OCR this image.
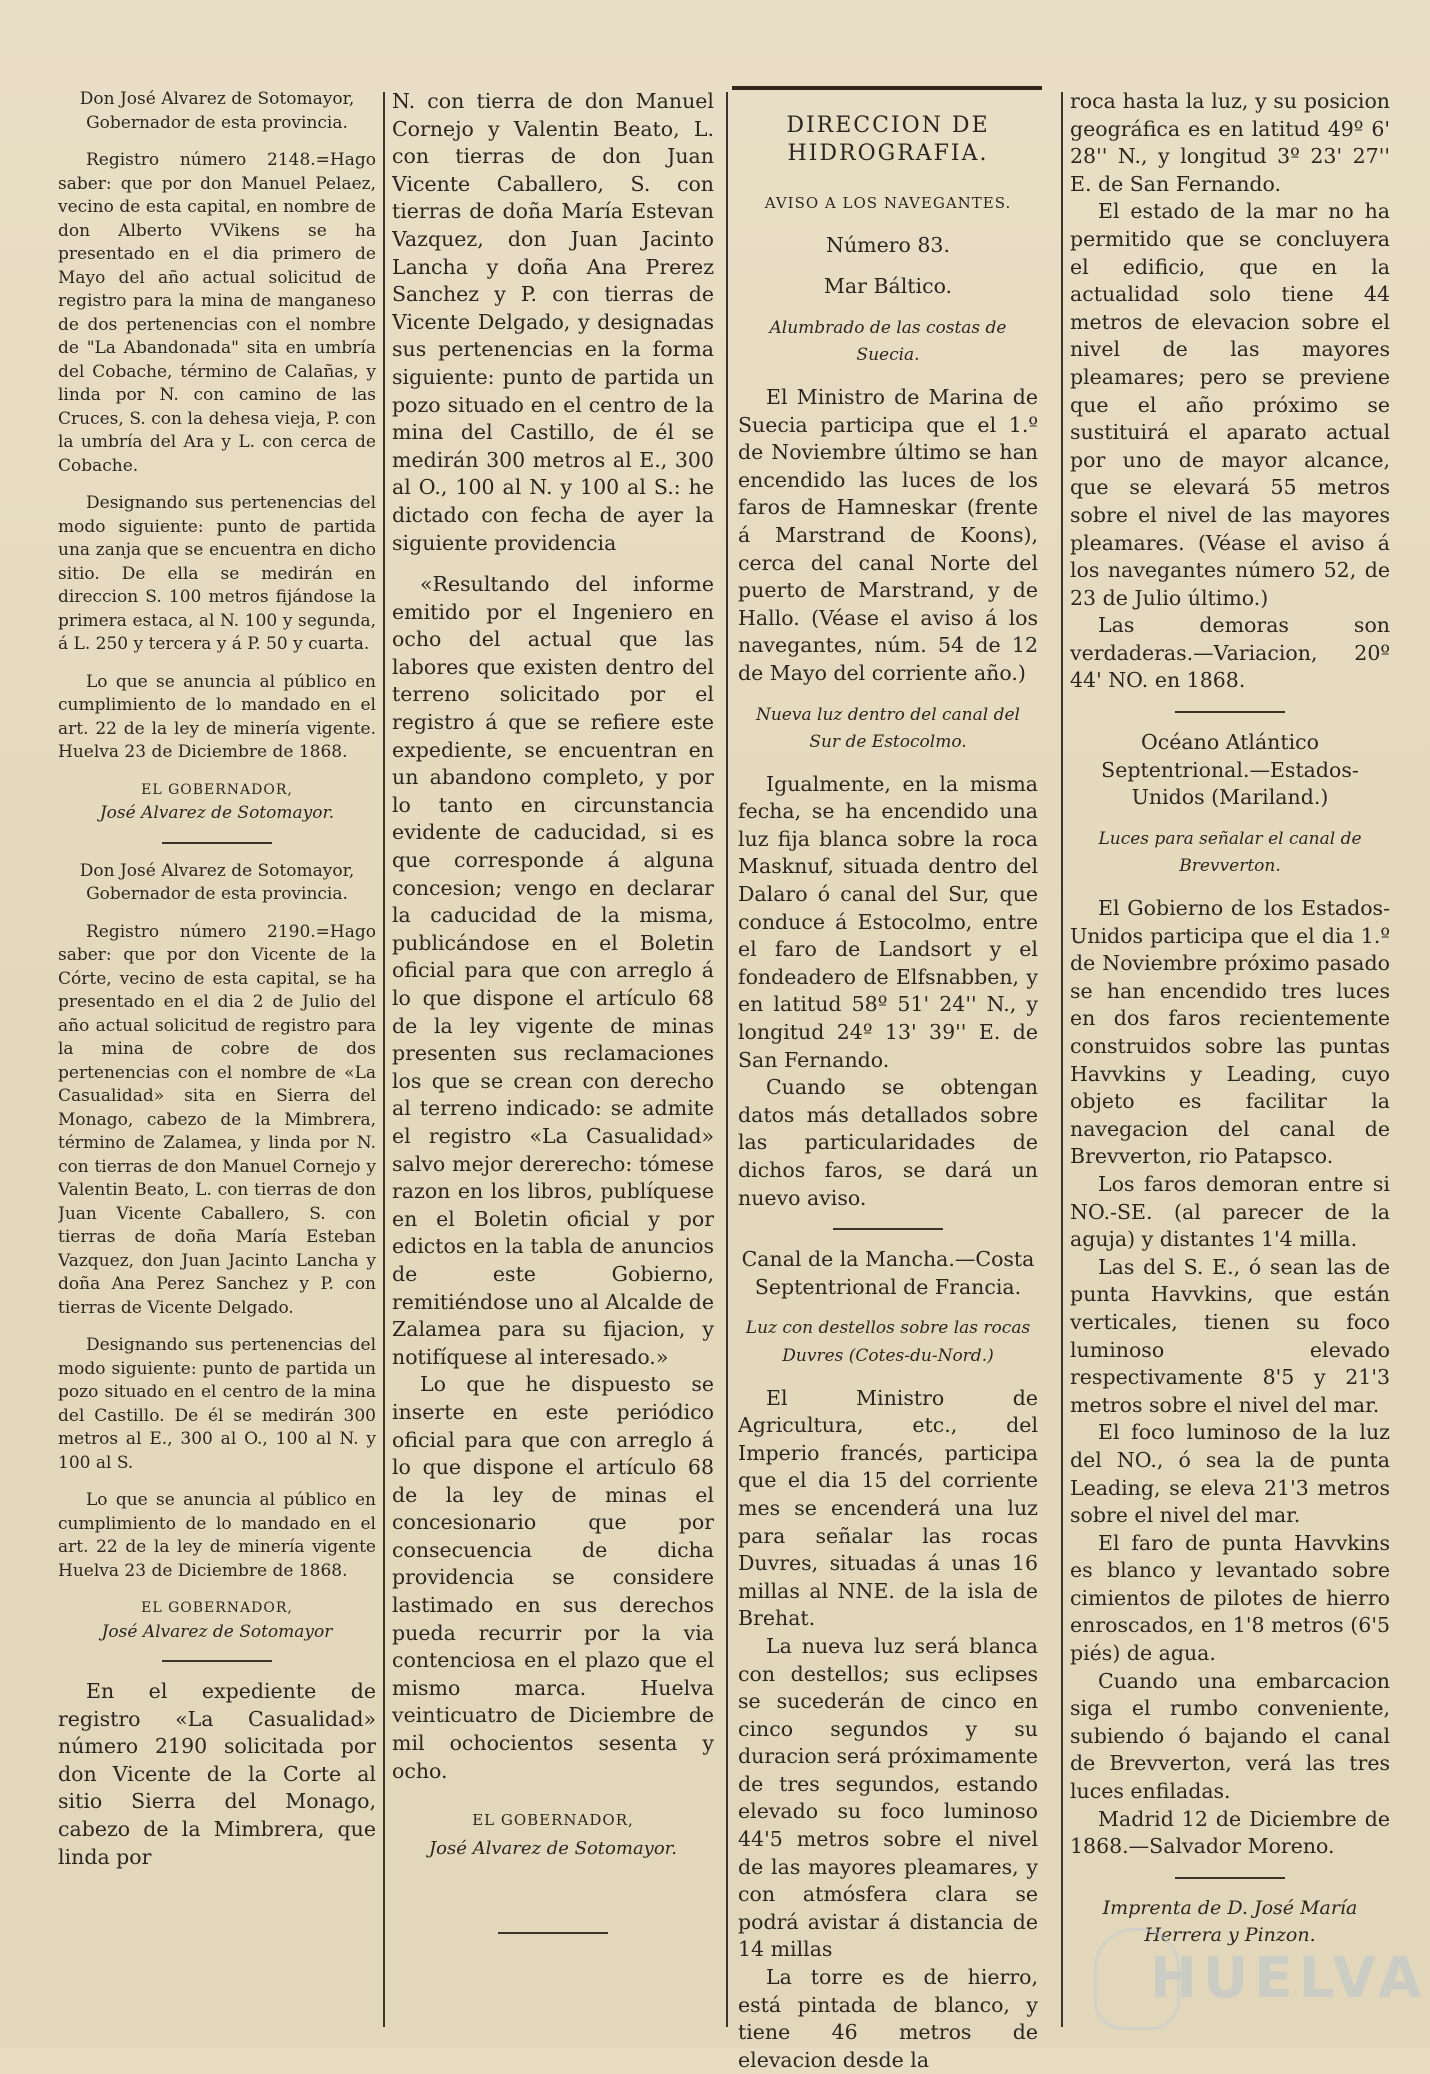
Don José Alvarez de Sotomayor,

Gobernador de esta provincia.

Registro número 2148.=Hago saber: que por don Manuel Pelaez, vecino de esta capital, en nombre de don Alberto VVikens se ha presentado en el dia primero de Mayo del año actual solicitud de registro para la mina de manganeso de dos pertenencias con el nombre de "La Abandonada" sita en umbría del Cobache, término de Calañas, y linda por N. con camino de las Cruces, S. con la dehesa vieja, P. con la umbría del Ara y L. con cerca de Cobache.

Designando sus pertenencias del modo siguiente: punto de partida una zanja que se encuentra en dicho sitio. De ella se medirán en direccion S. 100 metros fijándose la primera estaca, al N. 100 y segunda, á L. 250 y tercera y á P. 50 y cuarta.

Lo que se anuncia al público en cumplimiento de lo mandado en el art. 22 de la ley de minería vigente. Huelva 23 de Diciembre de 1868.

EL GOBERNADOR,

José Alvarez de Sotomayor.

Don José Alvarez de Sotomayor,

Gobernador de esta provincia.

Registro número 2190.=Hago saber: que por don Vicente de la Córte, vecino de esta capital, se ha presentado en el dia 2 de Julio del año actual solicitud de registro para la mina de cobre de dos pertenencias con el nombre de «La Casualidad» sita en Sierra del Monago, cabezo de la Mimbrera, término de Zalamea, y linda por N. con tierras de don Manuel Cornejo y Valentin Beato, L. con tierras de don Juan Vicente Caballero, S. con tierras de doña María Esteban Vazquez, don Juan Jacinto Lancha y doña Ana Perez Sanchez y P. con tierras de Vicente Delgado.

Designando sus pertenencias del modo siguiente: punto de partida un pozo situado en el centro de la mina del Castillo. De él se medirán 300 metros al E., 300 al O., 100 al N. y 100 al S.

Lo que se anuncia al público en cumplimiento de lo mandado en el art. 22 de la ley de minería vigente Huelva 23 de Diciembre de 1868.

EL GOBERNADOR,

José Alvarez de Sotomayor

En el expediente de registro «La Casualidad» número 2190 solicitada por don Vicente de la Corte al sitio Sierra del Monago, cabezo de la Mimbrera, que linda por

N. con tierra de don Manuel Cornejo y Valentin Beato, L. con tierras de don Juan Vicente Caballero, S. con tierras de doña María Estevan Vazquez, don Juan Jacinto Lancha y doña Ana Prerez Sanchez y P. con tierras de Vicente Delgado, y designadas sus pertenencias en la forma siguiente: punto de partida un pozo situado en el centro de la mina del Castillo, de él se medirán 300 metros al E., 300 al O., 100 al N. y 100 al S.: he dictado con fecha de ayer la siguiente providencia

«Resultando del informe emitido por el Ingeniero en ocho del actual que las labores que existen dentro del terreno solicitado por el registro á que se refiere este expediente, se encuentran en un abandono completo, y por lo tanto en circunstancia evidente de caducidad, si es que corresponde á alguna concesion; vengo en declarar la caducidad de la misma, publicándose en el Boletin oficial para que con arreglo á lo que dispone el artículo 68 de la ley vigente de minas presenten sus reclamaciones los que se crean con derecho al terreno indicado: se admite el registro «La Casualidad» salvo mejor dererecho: tómese razon en los libros, publíquese en el Boletin oficial y por edictos en la tabla de anuncios de este Gobierno, remitiéndose uno al Alcalde de Zalamea para su fijacion, y notifíquese al interesado.»

Lo que he dispuesto se inserte en este periódico oficial para que con arreglo á lo que dispone el artículo 68 de la ley de minas el concesionario que por consecuencia de dicha providencia se considere lastimado en sus derechos pueda recurrir por la via contenciosa en el plazo que el mismo marca. Huelva veinticuatro de Diciembre de mil ochocientos sesenta y ocho.

EL GOBERNADOR,

José Alvarez de Sotomayor.

DIRECCION DE HIDROGRAFIA.

AVISO A LOS NAVEGANTES.

Número 83.

Mar Báltico.

Alumbrado de las costas de Suecia.

El Ministro de Marina de Suecia participa que el 1.º de Noviembre último se han encendido las luces de los faros de Hamneskar (frente á Marstrand de Koons), cerca del canal Norte del puerto de Marstrand, y de Hallo. (Véase el aviso á los navegantes, núm. 54 de 12 de Mayo del corriente año.)

Nueva luz dentro del canal del Sur de Estocolmo.

Igualmente, en la misma fecha, se ha encendido una luz fija blanca sobre la roca Masknuf, situada dentro del Dalaro ó canal del Sur, que conduce á Estocolmo, entre el faro de Landsort y el fondeadero de Elfsnabben, y en latitud 58º 51' 24'' N., y longitud 24º 13' 39'' E. de San Fernando.

Cuando se obtengan datos más detallados sobre las particularidades de dichos faros, se dará un nuevo aviso.

Canal de la Mancha.—Costa Septentrional de Francia.

Luz con destellos sobre las rocas Duvres (Cotes-du-Nord.)

El Ministro de Agricultura, etc., del Imperio francés, participa que el dia 15 del corriente mes se encenderá una luz para señalar las rocas Duvres, situadas á unas 16 millas al NNE. de la isla de Brehat.

La nueva luz será blanca con destellos; sus eclipses se sucederán de cinco en cinco segundos y su duracion será próximamente de tres segundos, estando elevado su foco luminoso 44'5 metros sobre el nivel de las mayores pleamares, y con atmósfera clara se podrá avistar á distancia de 14 millas

La torre es de hierro, está pintada de blanco, y tiene 46 metros de elevacion desde la

roca hasta la luz, y su posicion geográfica es en latitud 49º 6' 28'' N., y longitud 3º 23' 27'' E. de San Fernando.

El estado de la mar no ha permitido que se concluyera el edificio, que en la actualidad solo tiene 44 metros de elevacion sobre el nivel de las mayores pleamares; pero se previene que el año próximo se sustituirá el aparato actual por uno de mayor alcance, que se elevará 55 metros sobre el nivel de las mayores pleamares. (Véase el aviso á los navegantes número 52, de 23 de Julio último.)

Las demoras son verdaderas.—Variacion, 20º 44' NO. en 1868.

Océano Atlántico Septentrional.—Estados-Unidos (Mariland.)

Luces para señalar el canal de Brevverton.

El Gobierno de los Estados-Unidos participa que el dia 1.º de Noviembre próximo pasado se han encendido tres luces en dos faros recientemente construidos sobre las puntas Havvkins y Leading, cuyo objeto es facilitar la navegacion del canal de Brevverton, rio Patapsco.

Los faros demoran entre si NO.-SE. (al parecer de la aguja) y distantes 1'4 milla.

Las del S. E., ó sean las de punta Havvkins, que están verticales, tienen su foco luminoso elevado respectivamente 8'5 y 21'3 metros sobre el nivel del mar.

El foco luminoso de la luz del NO., ó sea la de punta Leading, se eleva 21'3 metros sobre el nivel del mar.

El faro de punta Havvkins es blanco y levantado sobre cimientos de pilotes de hierro enroscados, en 1'8 metros (6'5 piés) de agua.

Cuando una embarcacion siga el rumbo conveniente, subiendo ó bajando el canal de Brevverton, verá las tres luces enfiladas.

Madrid 12 de Diciembre de 1868.—Salvador Moreno.

Imprenta de D. José María Herrera y Pinzon.

HUELVA
